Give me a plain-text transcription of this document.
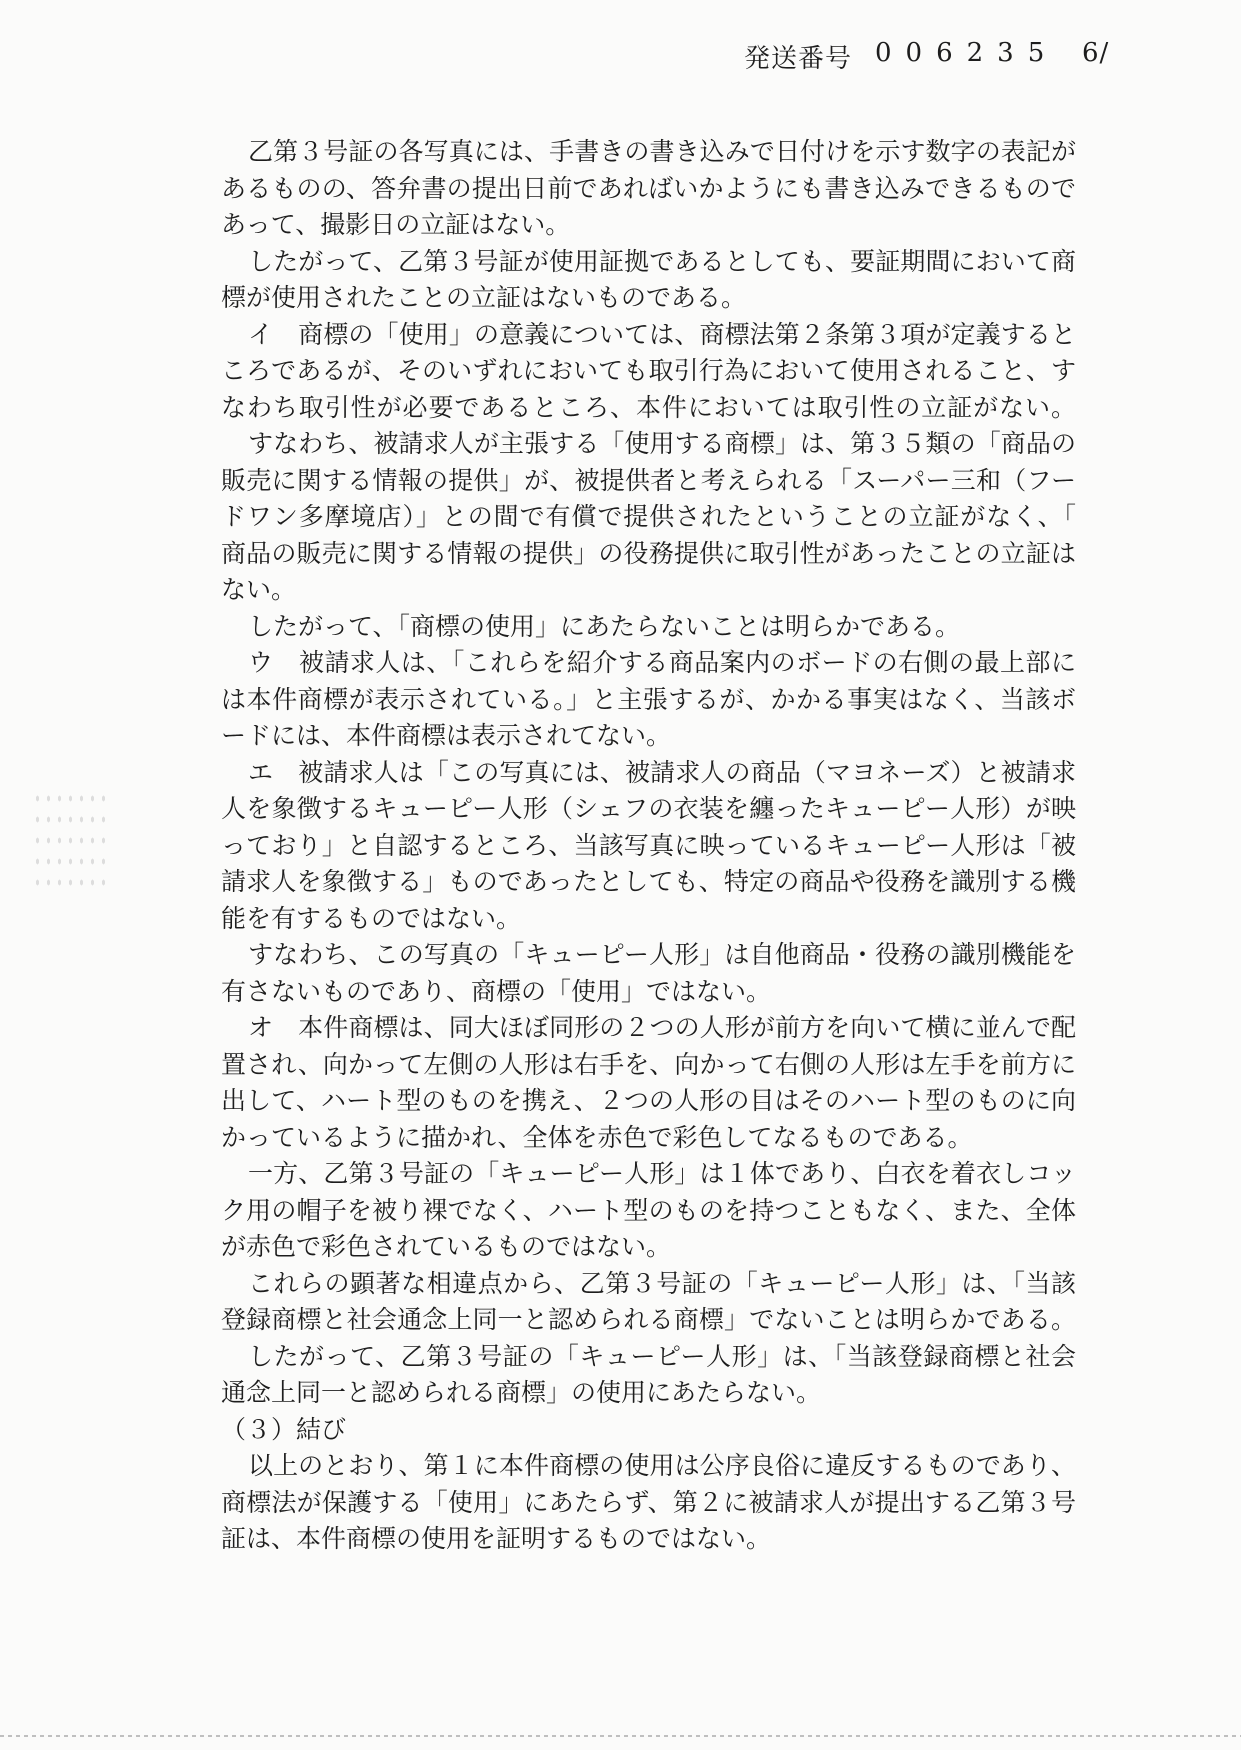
発送番号 006235 6/
乙第３号証の各写真には、手書きの書き込みで日付けを示す数字の表記が
あるものの、答弁書の提出日前であればいかようにも書き込みできるもので
あって、撮影日の立証はない。
したがって、乙第３号証が使用証拠であるとしても、要証期間において商
標が使用されたことの立証はないものである。
イ　商標の「使用」の意義については、商標法第２条第３項が定義すると
ころであるが、そのいずれにおいても取引行為において使用されること、す
なわち取引性が必要であるところ、本件においては取引性の立証がない。
すなわち、被請求人が主張する「使用する商標」は、第３５類の「商品の
販売に関する情報の提供」が、被提供者と考えられる「スーパー三和（フー
ドワン多摩境店）」との間で有償で提供されたということの立証がなく、「
商品の販売に関する情報の提供」の役務提供に取引性があったことの立証は
ない。
したがって、「商標の使用」にあたらないことは明らかである。
ウ　被請求人は、「これらを紹介する商品案内のボードの右側の最上部に
は本件商標が表示されている。」と主張するが、かかる事実はなく、当該ボ
ードには、本件商標は表示されてない。
エ　被請求人は「この写真には、被請求人の商品（マヨネーズ）と被請求
人を象徴するキューピー人形（シェフの衣装を纏ったキューピー人形）が映
っており」と自認するところ、当該写真に映っているキューピー人形は「被
請求人を象徴する」ものであったとしても、特定の商品や役務を識別する機
能を有するものではない。
すなわち、この写真の「キューピー人形」は自他商品・役務の識別機能を
有さないものであり、商標の「使用」ではない。
オ　本件商標は、同大ほぼ同形の２つの人形が前方を向いて横に並んで配
置され、向かって左側の人形は右手を、向かって右側の人形は左手を前方に
出して、ハート型のものを携え、２つの人形の目はそのハート型のものに向
かっているように描かれ、全体を赤色で彩色してなるものである。
一方、乙第３号証の「キューピー人形」は１体であり、白衣を着衣しコッ
ク用の帽子を被り裸でなく、ハート型のものを持つこともなく、また、全体
が赤色で彩色されているものではない。
これらの顕著な相違点から、乙第３号証の「キューピー人形」は、「当該
登録商標と社会通念上同一と認められる商標」でないことは明らかである。
したがって、乙第３号証の「キューピー人形」は、「当該登録商標と社会
通念上同一と認められる商標」の使用にあたらない。
（３）結び
以上のとおり、第１に本件商標の使用は公序良俗に違反するものであり、
商標法が保護する「使用」にあたらず、第２に被請求人が提出する乙第３号
証は、本件商標の使用を証明するものではない。
